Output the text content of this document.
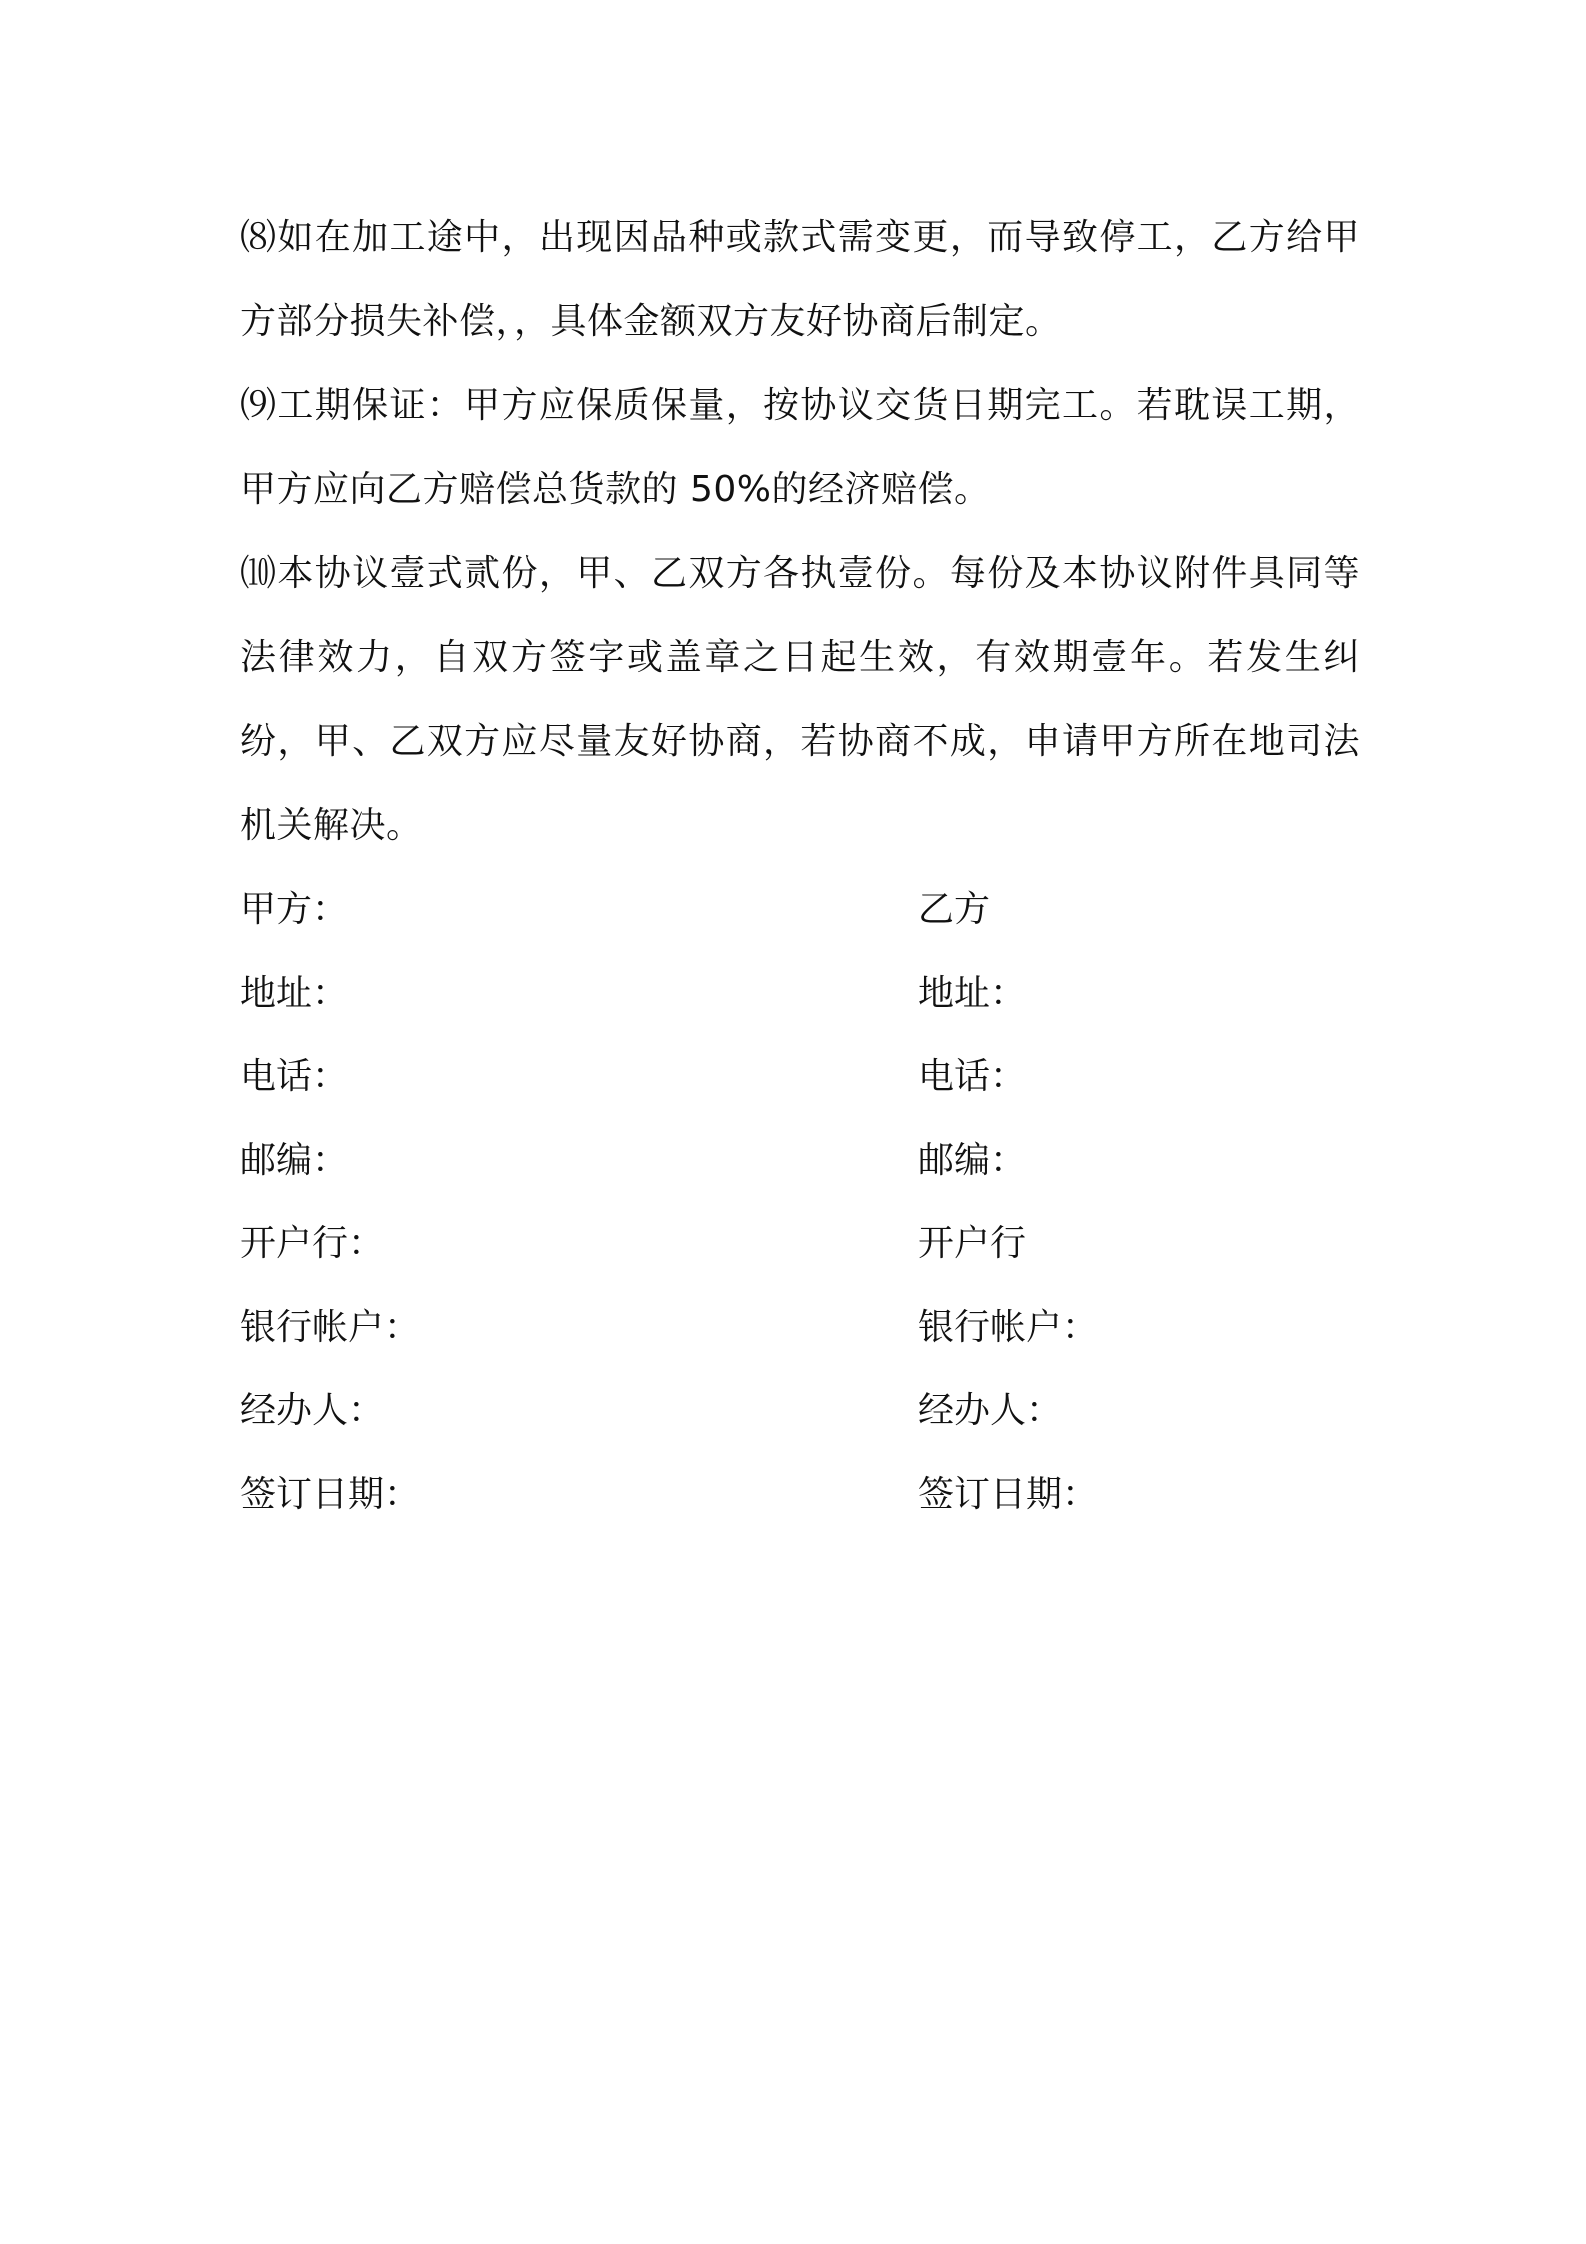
⑻如在加工途中，出现因品种或款式需变更，而导致停工，乙方给甲方部分损失补偿，，具体金额双方友好协商后制定。

⑼工期保证：甲方应保质保量，按协议交货日期完工。若耽误工期，甲方应向乙方赔偿总货款的 50%的经济赔偿。

⑽本协议壹式贰份，甲、乙双方各执壹份。每份及本协议附件具同等法律效力，自双方签字或盖章之日起生效，有效期壹年。若发生纠纷，甲、乙双方应尽量友好协商，若协商不成，申请甲方所在地司法机关解决。

甲方：	乙方
地址：	地址：
电话：	电话：
邮编：	邮编：
开户行：	开户行
银行帐户：	银行帐户：
经办人：	经办人：
签订日期：	签订日期：
